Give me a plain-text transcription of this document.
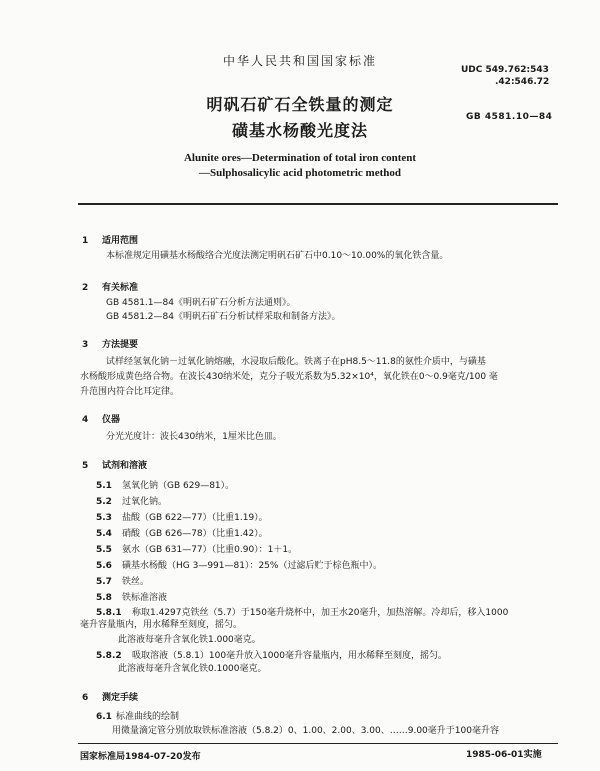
中华人民共和国国家标准
UDC 549.762:543
.42:546.72
GB 4581.10—84
明矾石矿石全铁量的测定
磺基水杨酸光度法
Alunite ores—Determination of total iron content
—Sulphosalicylic acid photometric method
1 适用范围
本标准规定用磺基水杨酸络合光度法测定明矾石矿石中0.10～10.00%的氧化铁含量。
2 有关标准
GB 4581.1—84《明矾石矿石分析方法通则》。
GB 4581.2—84《明矾石矿石分析试样采取和制备方法》。
3 方法提要
试样经氢氧化钠－过氧化钠熔融，水浸取后酸化。铁离子在pH8.5～11.8的氨性介质中，与磺基
水杨酸形成黄色络合物。在波长430纳米处，克分子吸光系数为5.32×10⁴，氧化铁在0～0.9毫克/100 毫
升范围内符合比耳定律。
4 仪器
分光光度计：波长430纳米，1厘米比色皿。
5 试剂和溶液
5.1 氢氧化钠（GB 629—81）。
5.2 过氧化钠。
5.3 盐酸（GB 622—77）（比重1.19）。
5.4 硝酸（GB 626—78）（比重1.42）。
5.5 氨水（GB 631—77）（比重0.90）：1＋1。
5.6 磺基水杨酸（HG 3—991—81）：25%（过滤后贮于棕色瓶中）。
5.7 铁丝。
5.8 铁标准溶液
5.8.1 称取1.4297克铁丝（5.7）于150毫升烧杯中，加王水20毫升，加热溶解。冷却后，移入1000
毫升容量瓶内，用水稀释至刻度，摇匀。
此溶液每毫升含氧化铁1.000毫克。
5.8.2 吸取溶液（5.8.1）100毫升放入1000毫升容量瓶内，用水稀释至刻度，摇匀。
此溶液每毫升含氧化铁0.1000毫克。
6 测定手续
6.1 标准曲线的绘制
用微量滴定管分别放取铁标准溶液（5.8.2）0、1.00、2.00、3.00、……9.00毫升于100毫升容
国家标准局1984-07-20发布	1985-06-01实施
